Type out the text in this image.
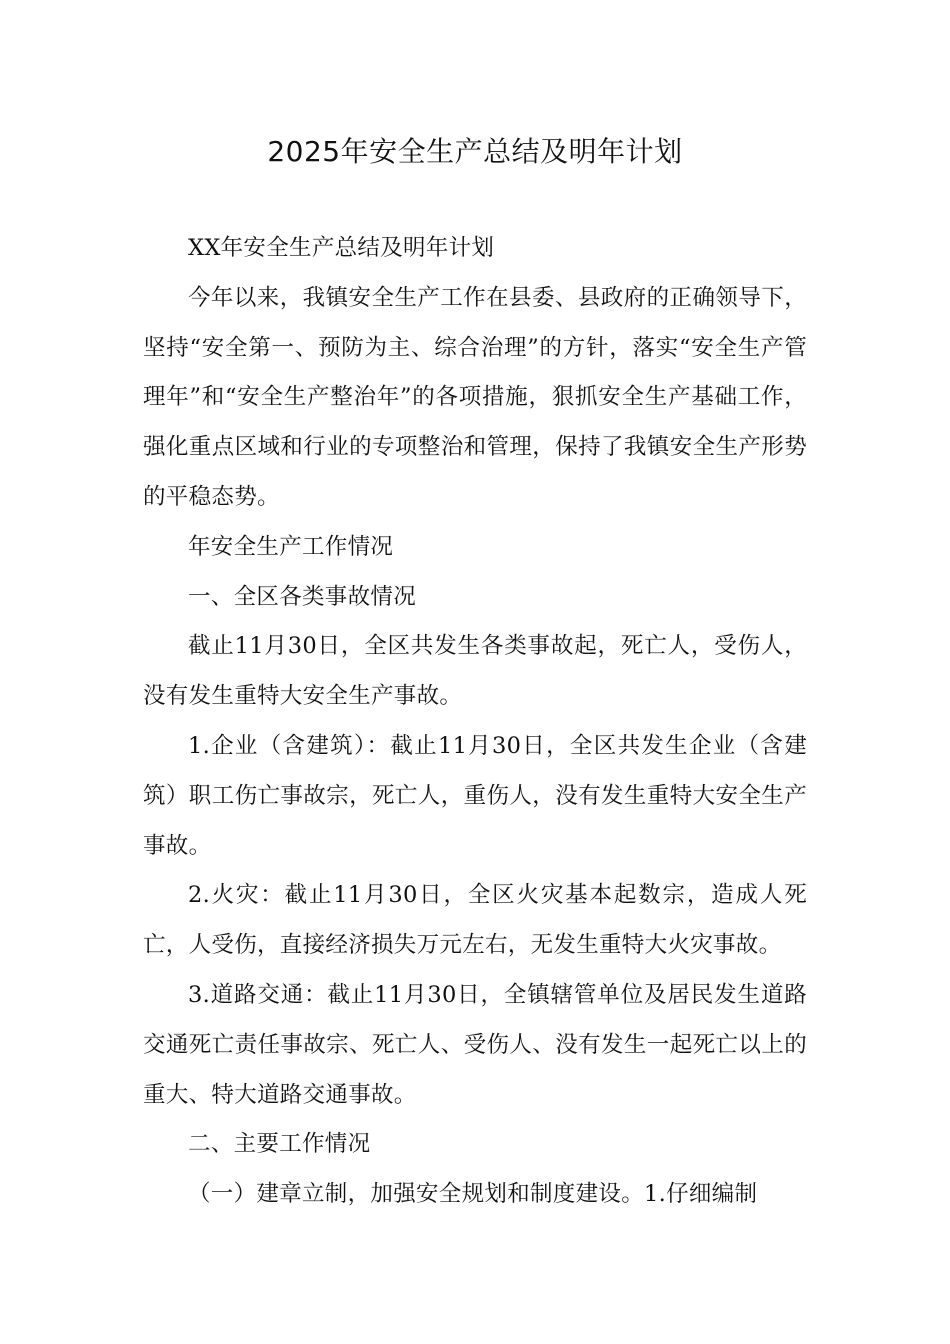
2025年安全生产总结及明年计划

XX年安全生产总结及明年计划

今年以来，我镇安全生产工作在县委、县政府的正确领导下，坚持“安全第一、预防为主、综合治理”的方针，落实“安全生产管理年”和“安全生产整治年”的各项措施，狠抓安全生产基础工作，强化重点区域和行业的专项整治和管理，保持了我镇安全生产形势的平稳态势。

年安全生产工作情况

一、全区各类事故情况

截止11月30日，全区共发生各类事故起，死亡人，受伤人，没有发生重特大安全生产事故。

1.企业（含建筑）：截止11月30日，全区共发生企业（含建筑）职工伤亡事故宗，死亡人，重伤人，没有发生重特大安全生产事故。

2.火灾：截止11月30日，全区火灾基本起数宗，造成人死亡，人受伤，直接经济损失万元左右，无发生重特大火灾事故。

3.道路交通：截止11月30日，全镇辖管单位及居民发生道路交通死亡责任事故宗、死亡人、受伤人、没有发生一起死亡以上的重大、特大道路交通事故。

二、主要工作情况

（一）建章立制，加强安全规划和制度建设。1.仔细编制
